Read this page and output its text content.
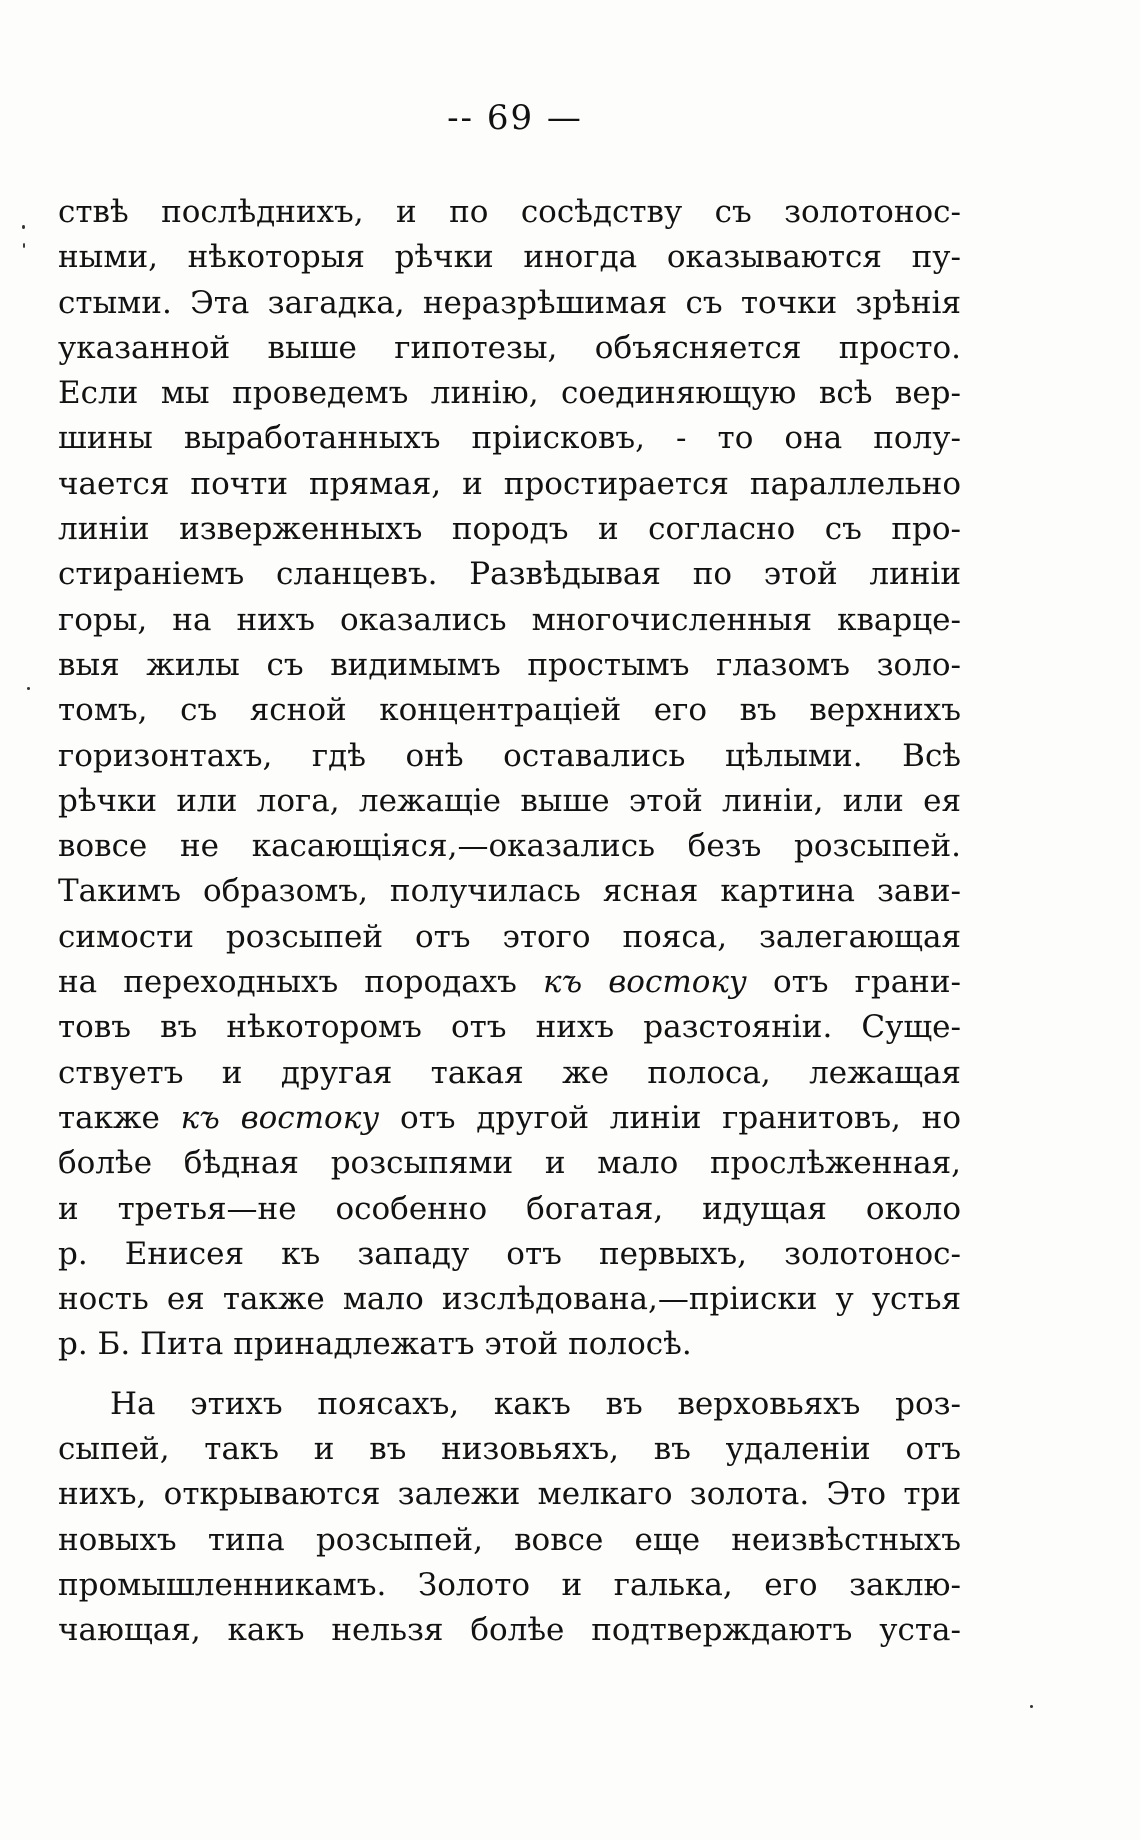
-- 69 —
ствѣ послѣднихъ, и по сосѣдству съ золотонос-
ными, нѣкоторыя рѣчки иногда оказываются пу-
стыми. Эта загадка, неразрѣшимая съ точки зрѣнія
указанной выше гипотезы, объясняется просто.
Если мы проведемъ линію, соединяющую всѣ вер-
шины выработанныхъ пріисковъ, - то она полу-
чается почти прямая, и простирается параллельно
линіи изверженныхъ породъ и согласно съ про-
стираніемъ сланцевъ. Развѣдывая по этой линіи
горы, на нихъ оказались многочисленныя кварце-
выя жилы съ видимымъ простымъ глазомъ золо-
томъ, съ ясной концентраціей его въ верхнихъ
горизонтахъ, гдѣ онѣ оставались цѣлыми. Всѣ
рѣчки или лога, лежащіе выше этой линіи, или ея
вовсе не касающіяся,—оказались безъ розсыпей.
Такимъ образомъ, получилась ясная картина зави-
симости розсыпей отъ этого пояса, залегающая
на переходныхъ породахъ къ востоку отъ грани-
товъ въ нѣкоторомъ отъ нихъ разстояніи. Суще-
ствуетъ и другая такая же полоса, лежащая
также къ востоку отъ другой линіи гранитовъ, но
болѣе бѣдная розсыпями и мало прослѣженная,
и третья—не особенно богатая, идущая около
р. Енисея къ западу отъ первыхъ, золотонос-
ность ея также мало изслѣдована,—пріиски у устья
р. Б. Пита принадлежатъ этой полосѣ.
На этихъ поясахъ, какъ въ верховьяхъ роз-
сыпей, такъ и въ низовьяхъ, въ удаленіи отъ
нихъ, открываются залежи мелкаго золота. Это три
новыхъ типа розсыпей, вовсе еще неизвѣстныхъ
промышленникамъ. Золото и галька, его заклю-
чающая, какъ нельзя болѣе подтверждаютъ уста-
